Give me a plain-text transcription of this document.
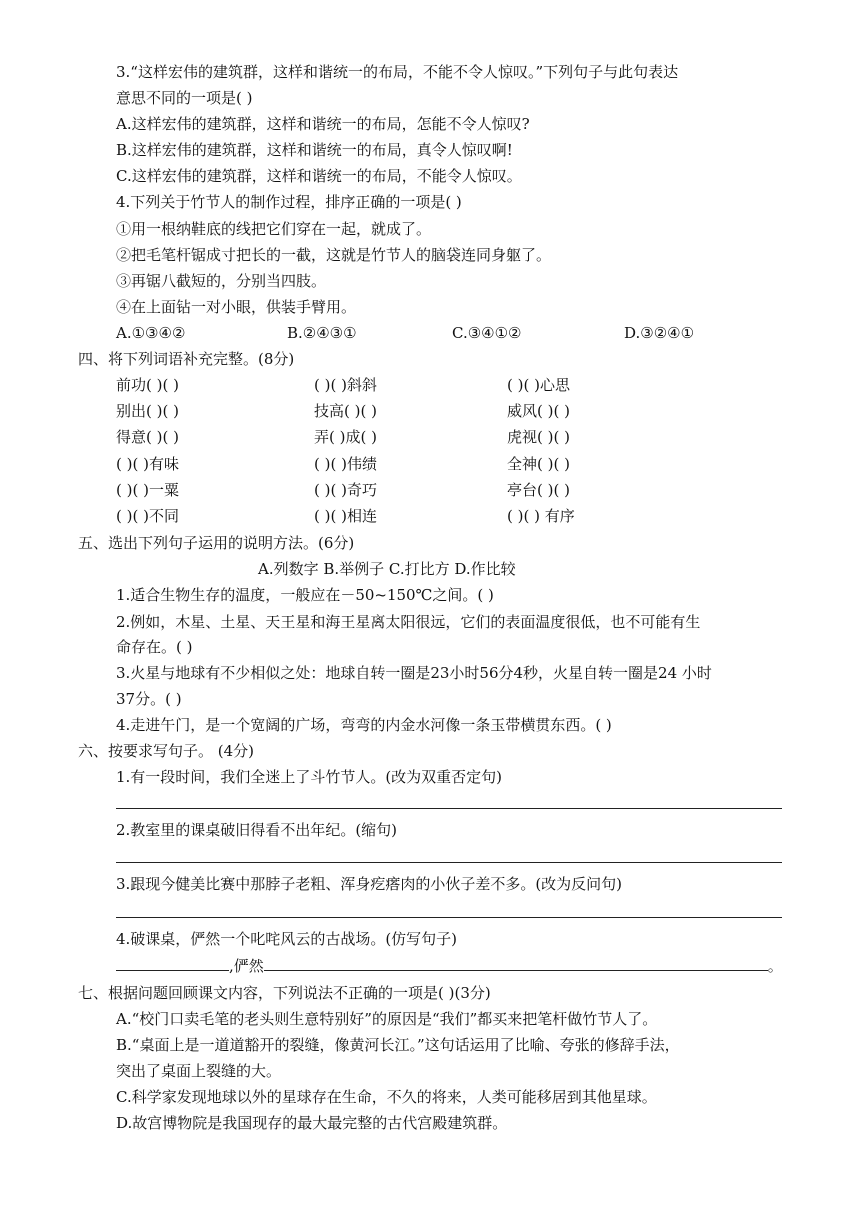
3.“这样宏伟的建筑群，这样和谐统一的布局，不能不令人惊叹。”下列句子与此句表达
意思不同的一项是( )
A.这样宏伟的建筑群，这样和谐统一的布局，怎能不令人惊叹?
B.这样宏伟的建筑群，这样和谐统一的布局，真令人惊叹啊!
C.这样宏伟的建筑群，这样和谐统一的布局，不能令人惊叹。
4.下列关于竹节人的制作过程，排序正确的一项是( )
①用一根纳鞋底的线把它们穿在一起，就成了。
②把毛笔杆锯成寸把长的一截，这就是竹节人的脑袋连同身躯了。
③再锯八截短的，分别当四肢。
④在上面钻一对小眼，供装手臂用。
A.①③④②	B.②④③①	C.③④①②	D.③②④①
四、将下列词语补充完整。(8分)
前功( )( )	( )( )斜斜	( )( )心思
别出( )( )	技高( )( )	威风( )( )
得意( )( )	弄( )成( )	虎视( )( )
( )( )有味	( )( )伟绩	全神( )( )
( )( )一粟	( )( )奇巧	亭台( )( )
( )( )不同	( )( )相连	( )( ) 有序
五、选出下列句子运用的说明方法。(6分)
A.列数字 B.举例子 C.打比方 D.作比较
1.适合生物生存的温度，一般应在－50~150℃之间。( )
2.例如，木星、土星、天王星和海王星离太阳很远，它们的表面温度很低，也不可能有生
命存在。( )
3.火星与地球有不少相似之处：地球自转一圈是23小时56分4秒，火星自转一圈是24 小时
37分。( )
4.走进午门，是一个宽阔的广场，弯弯的内金水河像一条玉带横贯东西。( )
六、按要求写句子。 (4分)
1.有一段时间，我们全迷上了斗竹节人。(改为双重否定句)
2.教室里的课桌破旧得看不出年纪。(缩句)
3.跟现今健美比赛中那脖子老粗、浑身疙瘩肉的小伙子差不多。(改为反问句)
4.破课桌，俨然一个叱咤风云的古战场。(仿写句子)
,俨然	。
七、根据问题回顾课文内容，下列说法不正确的一项是( )(3分)
A.“校门口卖毛笔的老头则生意特别好”的原因是“我们”都买来把笔杆做竹节人了。
B.“桌面上是一道道豁开的裂缝，像黄河长江。”这句话运用了比喻、夸张的修辞手法，
突出了桌面上裂缝的大。
C.科学家发现地球以外的星球存在生命，不久的将来，人类可能移居到其他星球。
D.故宫博物院是我国现存的最大最完整的古代宫殿建筑群。
